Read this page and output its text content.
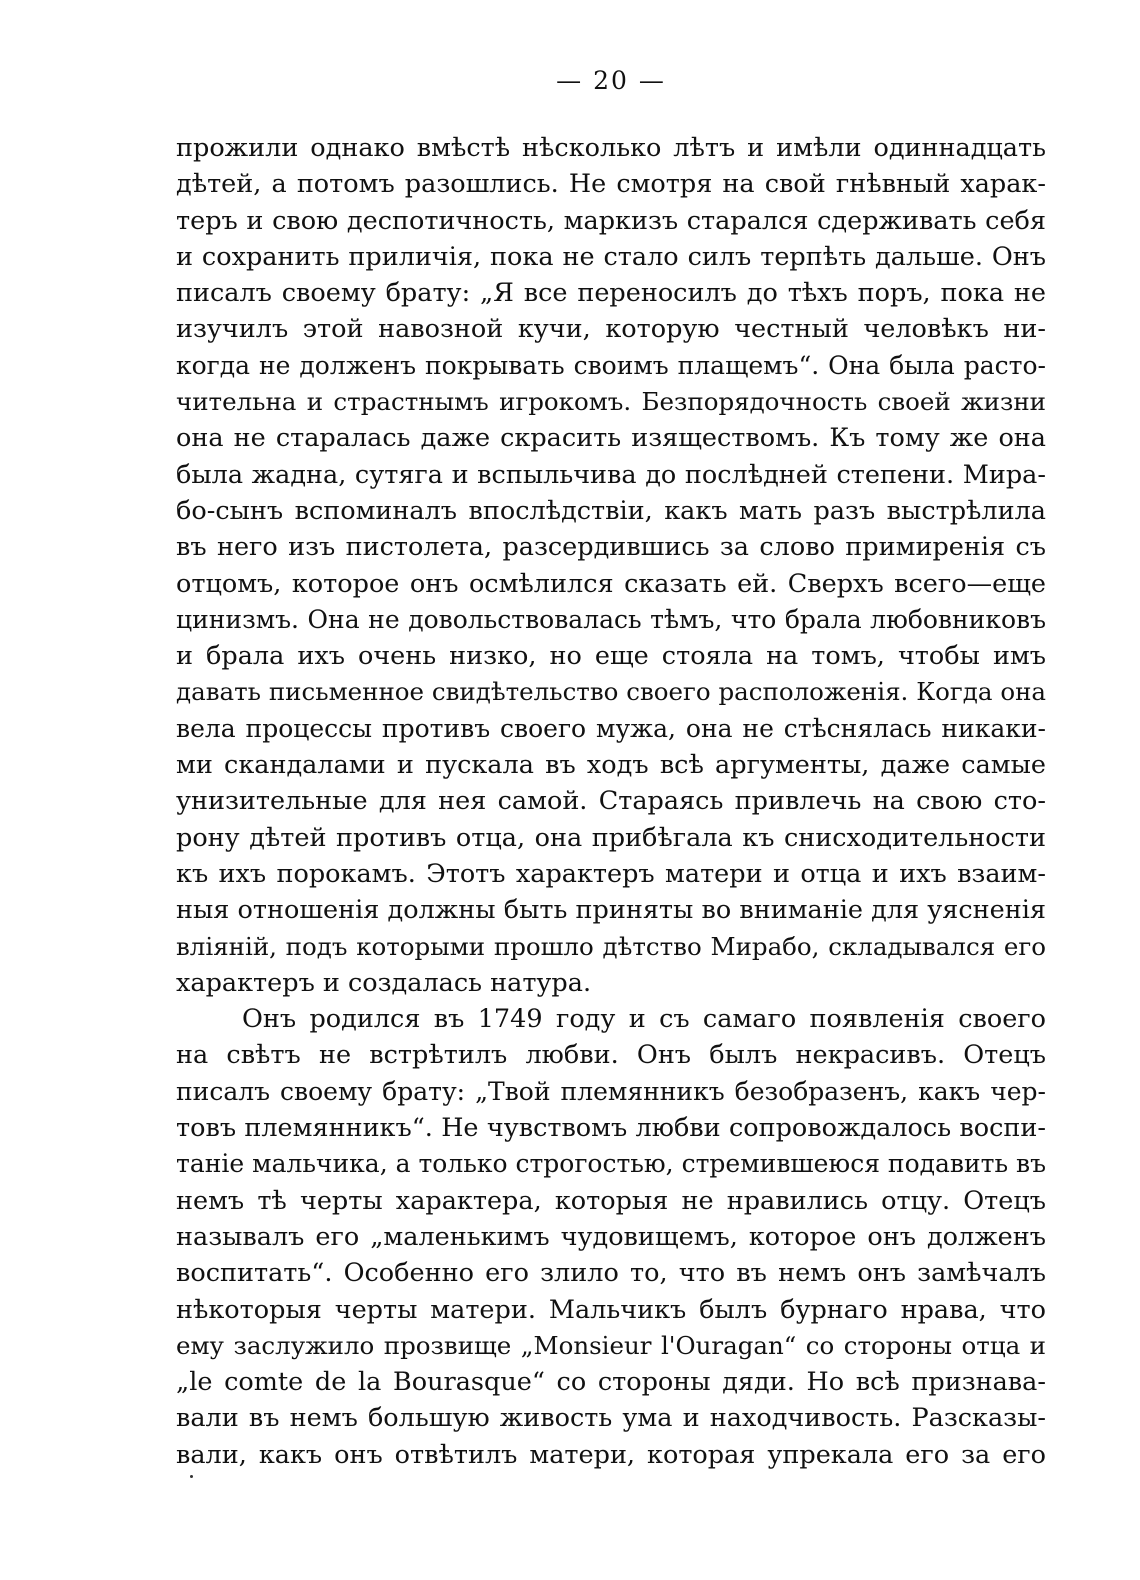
— 20 —
прожили однако вмѣстѣ нѣсколько лѣтъ и имѣли одиннадцать
дѣтей, а потомъ разошлись. Не смотря на свой гнѣвный харак-
теръ и свою деспотичность, маркизъ старался сдерживать себя
и сохранить приличія, пока не стало силъ терпѣть дальше. Онъ
писалъ своему брату: „Я все переносилъ до тѣхъ поръ, пока не
изучилъ этой навозной кучи, которую честный человѣкъ ни-
когда не долженъ покрывать своимъ плащемъ“. Она была расто-
чительна и страстнымъ игрокомъ. Безпорядочность своей жизни
она не старалась даже скрасить изяществомъ. Къ тому же она
была жадна, сутяга и вспыльчива до послѣдней степени. Мира-
бо-сынъ вспоминалъ впослѣдствіи, какъ мать разъ выстрѣлила
въ него изъ пистолета, разсердившись за слово примиренія съ
отцомъ, которое онъ осмѣлился сказать ей. Сверхъ всего—еще
цинизмъ. Она не довольствовалась тѣмъ, что брала любовниковъ
и брала ихъ очень низко, но еще стояла на томъ, чтобы имъ
давать письменное свидѣтельство своего расположенія. Когда она
вела процессы противъ своего мужа, она не стѣснялась никаки-
ми скандалами и пускала въ ходъ всѣ аргументы, даже самые
унизительные для нея самой. Стараясь привлечь на свою сто-
рону дѣтей противъ отца, она прибѣгала къ снисходительности
къ ихъ порокамъ. Этотъ характеръ матери и отца и ихъ взаим-
ныя отношенія должны быть приняты во вниманіе для уясненія
вліяній, подъ которыми прошло дѣтство Мирабо, складывался его
характеръ и создалась натура.
Онъ родился въ 1749 году и съ самаго появленія своего
на свѣтъ не встрѣтилъ любви. Онъ былъ некрасивъ. Отецъ
писалъ своему брату: „Твой племянникъ безобразенъ, какъ чер-
товъ племянникъ“. Не чувствомъ любви сопровождалось воспи-
таніе мальчика, а только строгостью, стремившеюся подавить въ
немъ тѣ черты характера, которыя не нравились отцу. Отецъ
называлъ его „маленькимъ чудовищемъ, которое онъ долженъ
воспитать“. Особенно его злило то, что въ немъ онъ замѣчалъ
нѣкоторыя черты матери. Мальчикъ былъ бурнаго нрава, что
ему заслужило прозвище „Monsieur l'Ouragan“ со стороны отца и
„le comte de la Bourasque“ со стороны дяди. Но всѣ признава-
вали въ немъ большую живость ума и находчивость. Разсказы-
вали, какъ онъ отвѣтилъ матери, которая упрекала его за его
